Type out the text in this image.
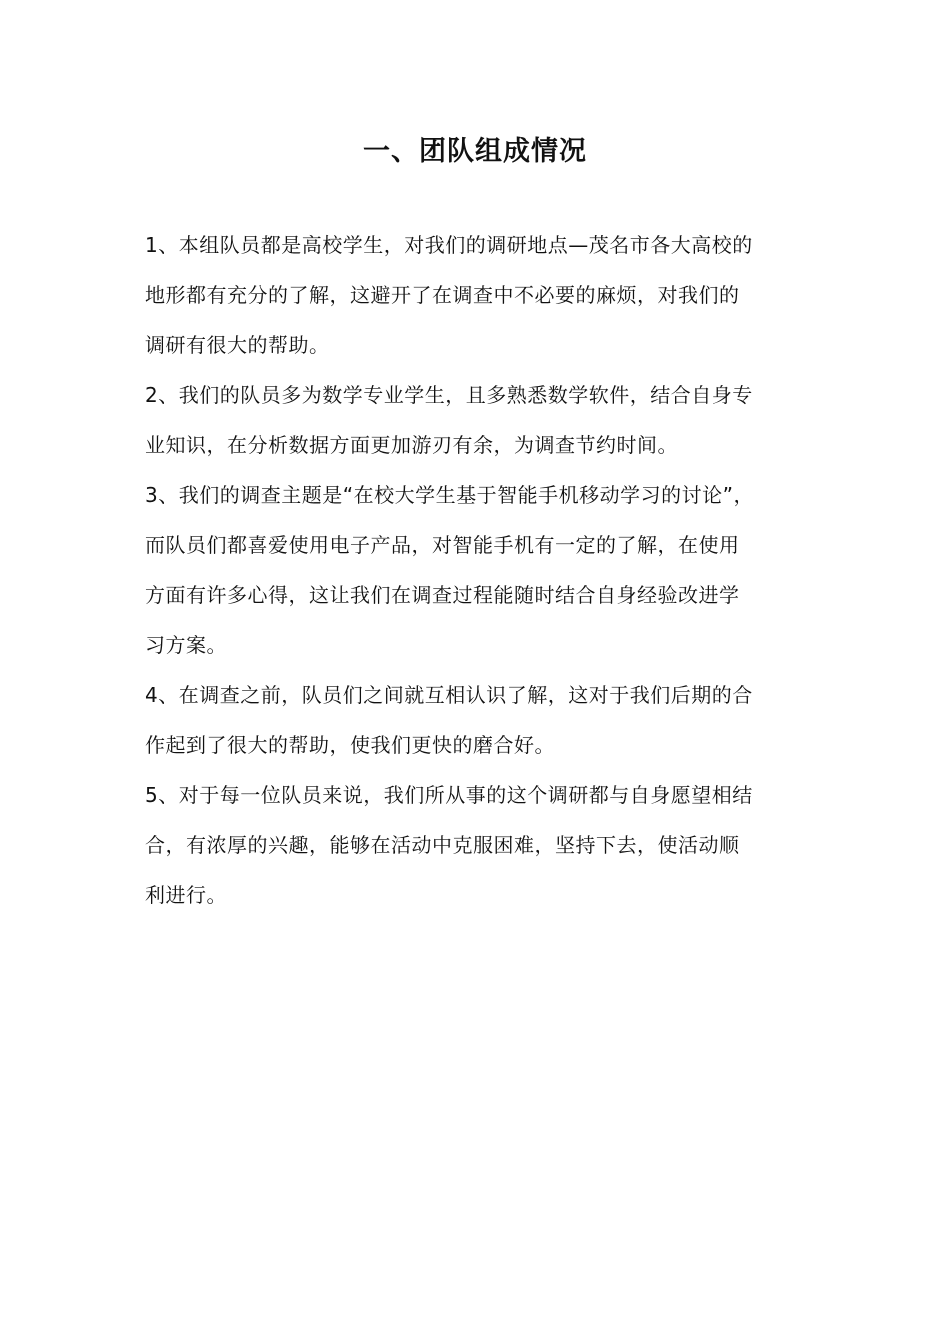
一、团队组成情况

1、本组队员都是高校学生，对我们的调研地点—茂名市各大高校的
地形都有充分的了解，这避开了在调查中不必要的麻烦，对我们的
调研有很大的帮助。

2、我们的队员多为数学专业学生，且多熟悉数学软件，结合自身专
业知识，在分析数据方面更加游刃有余，为调查节约时间。

3、我们的调查主题是“在校大学生基于智能手机移动学习的讨论”，
而队员们都喜爱使用电子产品，对智能手机有一定的了解，在使用
方面有许多心得，这让我们在调查过程能随时结合自身经验改进学
习方案。

4、在调查之前，队员们之间就互相认识了解，这对于我们后期的合
作起到了很大的帮助，使我们更快的磨合好。

5、对于每一位队员来说，我们所从事的这个调研都与自身愿望相结
合，有浓厚的兴趣，能够在活动中克服困难，坚持下去，使活动顺
利进行。
